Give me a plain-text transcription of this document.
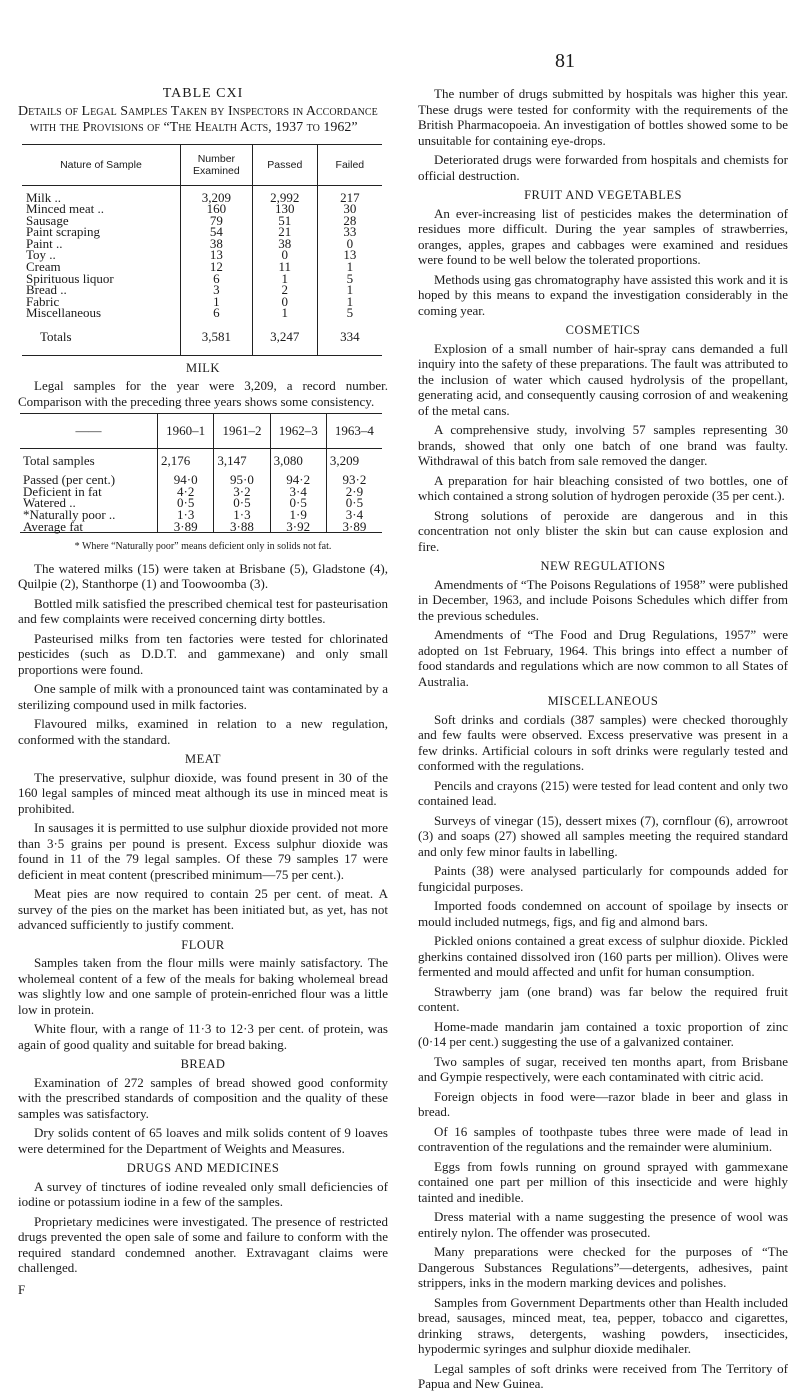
81
TABLE CXI
Details of Legal Samples Taken by Inspectors in Accordance with the Provisions of “The Health Acts, 1937 to 1962”
Nature of Sample	Number Examined	Passed	Failed
Milk ..	3,209	2,992	217
Minced meat ..	160	130	30
Sausage	79	51	28
Paint scraping	54	21	33
Paint ..	38	38	0
Toy ..	13	0	13
Cream	12	11	1
Spirituous liquor	6	1	5
Bread ..	3	2	1
Fabric	1	0	1
Miscellaneous	6	1	5
Totals	3,581	3,247	334
MILK

Legal samples for the year were 3,209, a record number. Comparison with the preceding three years shows some consistency.

——	1960–1	1961–2	1962–3	1963–4
Total samples	2,176	3,147	3,080	3,209
Passed (per cent.)	94·0	95·0	94·2	93·2
Deficient in fat	4·2	3·2	3·4	2·9
Watered ..	0·5	0·5	0·5	0·5
*Naturally poor ..	1·3	1·3	1·9	3·4
Average fat	3·89	3·88	3·92	3·89
* Where “Naturally poor” means deficient only in solids not fat.

The watered milks (15) were taken at Brisbane (5), Gladstone (4), Quilpie (2), Stanthorpe (1) and Toowoomba (3).

Bottled milk satisfied the prescribed chemical test for pasteurisation and few complaints were received concerning dirty bottles.

Pasteurised milks from ten factories were tested for chlorinated pesticides (such as D.D.T. and gammexane) and only small proportions were found.

One sample of milk with a pronounced taint was contaminated by a sterilizing compound used in milk factories.

Flavoured milks, examined in relation to a new regulation, conformed with the standard.

MEAT

The preservative, sulphur dioxide, was found present in 30 of the 160 legal samples of minced meat although its use in minced meat is prohibited.

In sausages it is permitted to use sulphur dioxide provided not more than 3·5 grains per pound is present. Excess sulphur dioxide was found in 11 of the 79 legal samples. Of these 79 samples 17 were deficient in meat content (prescribed minimum—75 per cent.).

Meat pies are now required to contain 25 per cent. of meat. A survey of the pies on the market has been initiated but, as yet, has not advanced sufficiently to justify comment.

FLOUR

Samples taken from the flour mills were mainly satisfactory. The wholemeal content of a few of the meals for baking wholemeal bread was slightly low and one sample of protein-enriched flour was a little low in protein.

White flour, with a range of 11·3 to 12·3 per cent. of protein, was again of good quality and suitable for bread baking.

BREAD

Examination of 272 samples of bread showed good conformity with the prescribed standards of composition and the quality of these samples was satisfactory.

Dry solids content of 65 loaves and milk solids content of 9 loaves were determined for the Department of Weights and Measures.

DRUGS AND MEDICINES

A survey of tinctures of iodine revealed only small deficiencies of iodine or potassium iodine in a few of the samples.

Proprietary medicines were investigated. The presence of restricted drugs prevented the open sale of some and failure to conform with the required standard condemned another. Extravagant claims were challenged.

F

The number of drugs submitted by hospitals was higher this year. These drugs were tested for conformity with the requirements of the British Pharmacopoeia. An investigation of bottles showed some to be unsuitable for containing eye-drops.

Deteriorated drugs were forwarded from hospitals and chemists for official destruction.

FRUIT AND VEGETABLES

An ever-increasing list of pesticides makes the determination of residues more difficult. During the year samples of strawberries, oranges, apples, grapes and cabbages were examined and residues were found to be well below the tolerated proportions.

Methods using gas chromatography have assisted this work and it is hoped by this means to expand the investigation considerably in the coming year.

COSMETICS

Explosion of a small number of hair-spray cans demanded a full inquiry into the safety of these preparations. The fault was attributed to the inclusion of water which caused hydrolysis of the propellant, generating acid, and consequently causing corrosion of and weakening of the metal cans.

A comprehensive study, involving 57 samples representing 30 brands, showed that only one batch of one brand was faulty. Withdrawal of this batch from sale removed the danger.

A preparation for hair bleaching consisted of two bottles, one of which contained a strong solution of hydrogen peroxide (35 per cent.).

Strong solutions of peroxide are dangerous and in this concentration not only blister the skin but can cause explosion and fire.

NEW REGULATIONS

Amendments of “The Poisons Regulations of 1958” were published in December, 1963, and include Poisons Schedules which differ from the previous schedules.

Amendments of “The Food and Drug Regulations, 1957” were adopted on 1st February, 1964. This brings into effect a number of food standards and regulations which are now common to all States of Australia.

MISCELLANEOUS

Soft drinks and cordials (387 samples) were checked thoroughly and few faults were observed. Excess preservative was present in a few drinks. Artificial colours in soft drinks were regularly tested and conformed with the regulations.

Pencils and crayons (215) were tested for lead content and only two contained lead.

Surveys of vinegar (15), dessert mixes (7), cornflour (6), arrowroot (3) and soaps (27) showed all samples meeting the required standard and only few minor faults in labelling.

Paints (38) were analysed particularly for compounds added for fungicidal purposes.

Imported foods condemned on account of spoilage by insects or mould included nutmegs, figs, and fig and almond bars.

Pickled onions contained a great excess of sulphur dioxide. Pickled gherkins contained dissolved iron (160 parts per million). Olives were fermented and mould affected and unfit for human consumption.

Strawberry jam (one brand) was far below the required fruit content.

Home-made mandarin jam contained a toxic proportion of zinc (0·14 per cent.) suggesting the use of a galvanized container.

Two samples of sugar, received ten months apart, from Brisbane and Gympie respectively, were each contaminated with citric acid.

Foreign objects in food were—razor blade in beer and glass in bread.

Of 16 samples of toothpaste tubes three were made of lead in contravention of the regulations and the remainder were aluminium.

Eggs from fowls running on ground sprayed with gammexane contained one part per million of this insecticide and were highly tainted and inedible.

Dress material with a name suggesting the presence of wool was entirely nylon. The offender was prosecuted.

Many preparations were checked for the purposes of “The Dangerous Substances Regulations”—detergents, adhesives, paint strippers, inks in the modern marking devices and polishes.

Samples from Government Departments other than Health included bread, sausages, minced meat, tea, pepper, tobacco and cigarettes, drinking straws, detergents, washing powders, insecticides, hypodermic syringes and sulphur dioxide medihaler.

Legal samples of soft drinks were received from The Territory of Papua and New Guinea.
